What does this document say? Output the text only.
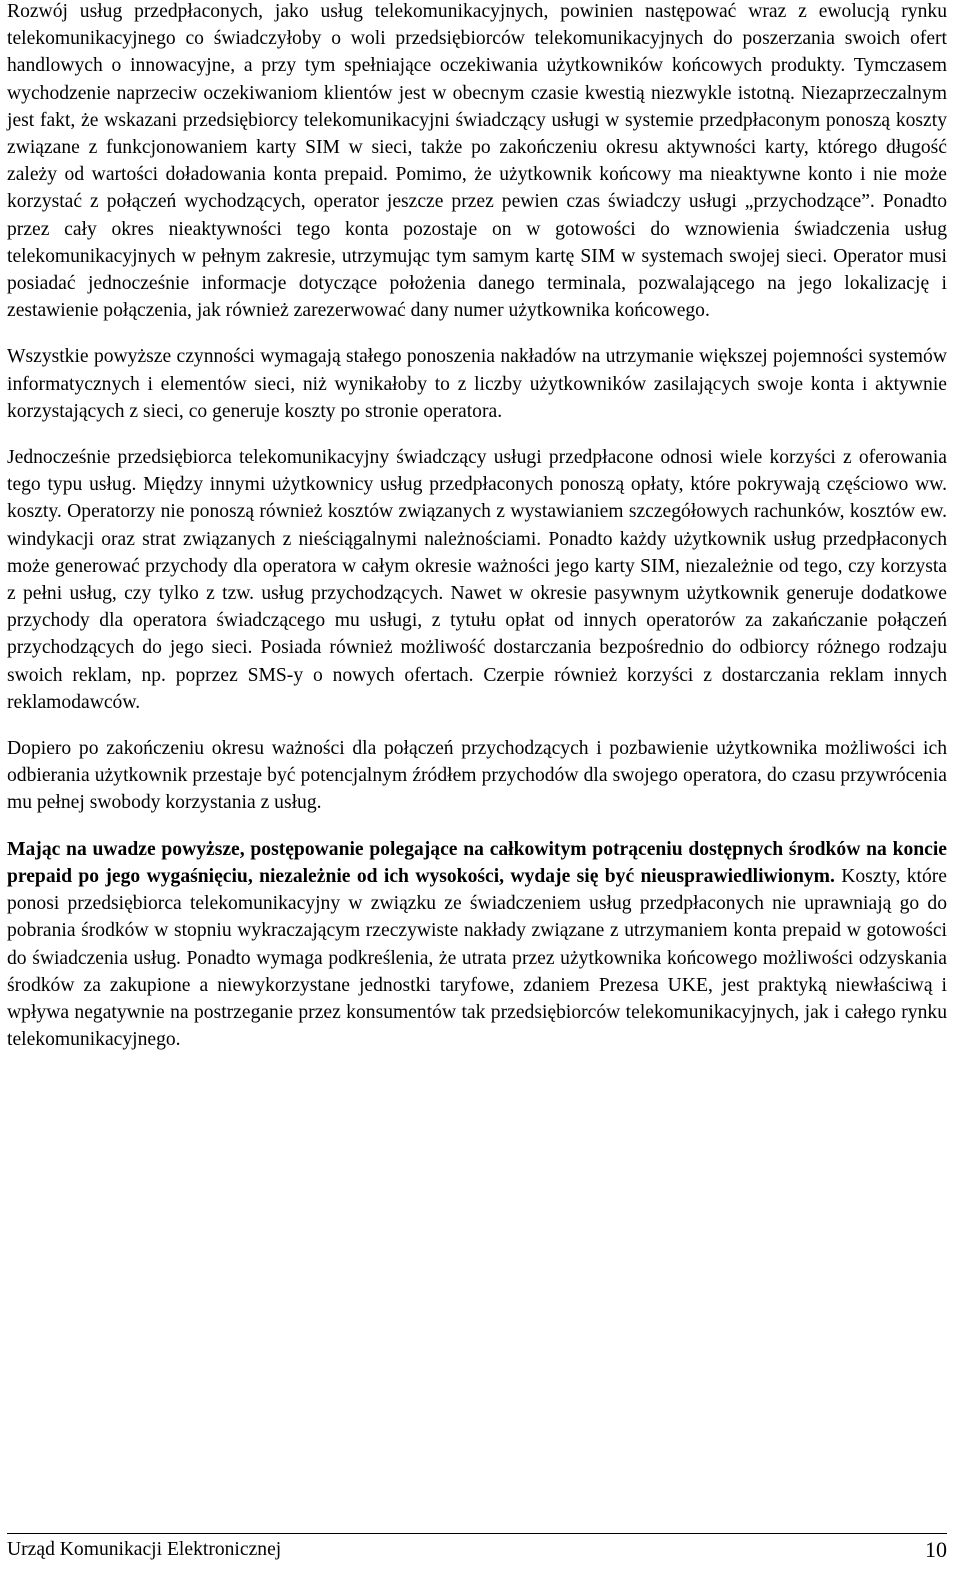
Rozwój usług przedpłaconych, jako usług telekomunikacyjnych, powinien następować wraz z ewolucją rynku telekomunikacyjnego co świadczyłoby o woli przedsiębiorców telekomunikacyjnych do poszerzania swoich ofert handlowych o innowacyjne, a przy tym spełniające oczekiwania użytkowników końcowych produkty. Tymczasem wychodzenie naprzeciw oczekiwaniom klientów jest w obecnym czasie kwestią niezwykle istotną. Niezaprzeczalnym jest fakt, że wskazani przedsiębiorcy telekomunikacyjni świadczący usługi w systemie przedpłaconym ponoszą koszty związane z funkcjonowaniem karty SIM w sieci, także po zakończeniu okresu aktywności karty, którego długość zależy od wartości doładowania konta prepaid. Pomimo, że użytkownik końcowy ma nieaktywne konto i nie może korzystać z połączeń wychodzących, operator jeszcze przez pewien czas świadczy usługi „przychodzące”. Ponadto przez cały okres nieaktywności tego konta pozostaje on w gotowości do wznowienia świadczenia usług telekomunikacyjnych w pełnym zakresie, utrzymując tym samym kartę SIM w systemach swojej sieci. Operator musi posiadać jednocześnie informacje dotyczące położenia danego terminala, pozwalającego na jego lokalizację i zestawienie połączenia, jak również zarezerwować dany numer użytkownika końcowego.

Wszystkie powyższe czynności wymagają stałego ponoszenia nakładów na utrzymanie większej pojemności systemów informatycznych i elementów sieci, niż wynikałoby to z liczby użytkowników zasilających swoje konta i aktywnie korzystających z sieci, co generuje koszty po stronie operatora.

Jednocześnie przedsiębiorca telekomunikacyjny świadczący usługi przedpłacone odnosi wiele korzyści z oferowania tego typu usług. Między innymi użytkownicy usług przedpłaconych ponoszą opłaty, które pokrywają częściowo ww. koszty. Operatorzy nie ponoszą również kosztów związanych z wystawianiem szczegółowych rachunków, kosztów ew. windykacji oraz strat związanych z nieściągalnymi należnościami. Ponadto każdy użytkownik usług przedpłaconych może generować przychody dla operatora w całym okresie ważności jego karty SIM, niezależnie od tego, czy korzysta z pełni usług, czy tylko z tzw. usług przychodzących. Nawet w okresie pasywnym użytkownik generuje dodatkowe przychody dla operatora świadczącego mu usługi, z tytułu opłat od innych operatorów za zakańczanie połączeń przychodzących do jego sieci. Posiada również możliwość dostarczania bezpośrednio do odbiorcy różnego rodzaju swoich reklam, np. poprzez SMS-y o nowych ofertach. Czerpie również korzyści z dostarczania reklam innych reklamodawców.

Dopiero po zakończeniu okresu ważności dla połączeń przychodzących i pozbawienie użytkownika możliwości ich odbierania użytkownik przestaje być potencjalnym źródłem przychodów dla swojego operatora, do czasu przywrócenia mu pełnej swobody korzystania z usług.

Mając na uwadze powyższe, postępowanie polegające na całkowitym potrąceniu dostępnych środków na koncie prepaid po jego wygaśnięciu, niezależnie od ich wysokości, wydaje się być nieusprawiedliwionym. Koszty, które ponosi przedsiębiorca telekomunikacyjny w związku ze świadczeniem usług przedpłaconych nie uprawniają go do pobrania środków w stopniu wykraczającym rzeczywiste nakłady związane z utrzymaniem konta prepaid w gotowości do świadczenia usług. Ponadto wymaga podkreślenia, że utrata przez użytkownika końcowego możliwości odzyskania środków za zakupione a niewykorzystane jednostki taryfowe, zdaniem Prezesa UKE, jest praktyką niewłaściwą i wpływa negatywnie na postrzeganie przez konsumentów tak przedsiębiorców telekomunikacyjnych, jak i całego rynku telekomunikacyjnego.

Urząd Komunikacji Elektronicznej	10
